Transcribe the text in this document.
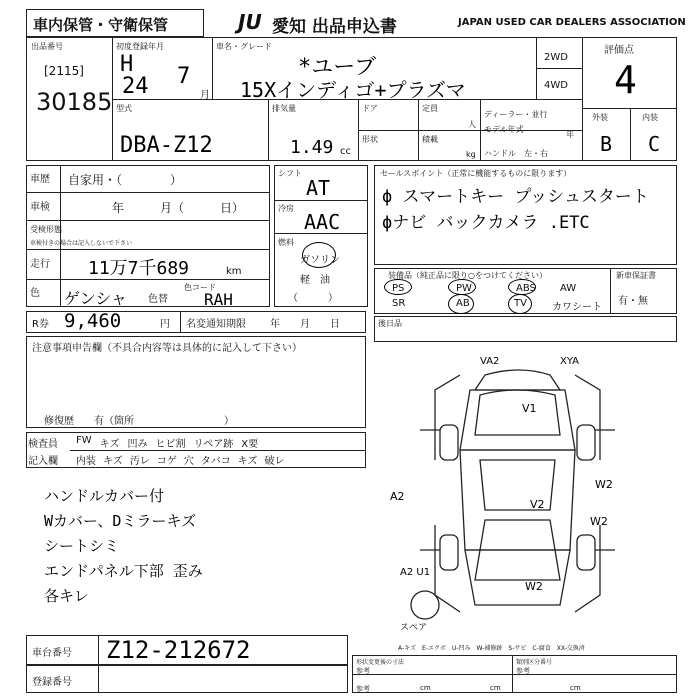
車内保管・守衛保管	JU 愛知 出品申込書	JAPAN USED CAR DEALERS ASSOCIATION
出品番号
[2115]
30185
初度登録年月
H
24 7
月
車名・グレード
*ユーブ
15Xインディゴ+プラズマ
2WD
4WD
評価点
4
型式
DBA-Z12
排気量
1.49 cc
ドア
形状
定員
人
積載
kg
ディーラー・並行
モデル年式
年
ハンドル　左・右
外装	内装
B C
車歴 自家用・（　　　　）
車検	年　　　月（　　　日）
受検形態
車検付きの場合は記入しないで下さい
走行 11万7千689	km
色 ゲンシャ 色替
色コード
RAH
シフト
AT
冷房
AAC
燃料
ガソリン
軽　油
（　　　）
セールスポイント（正常に機能するものに限ります）
ϕ スマートキー プッシュスタート
ϕナビ バックカメラ .ETC
装備品（純正品に限り○をつけてください）
PS	PW	ABS AW
SR	AB	TV	カワシート
新車保証書
有・無
R券 9,460	円 名変通知期限 年　　月　　日	後日品
注意事項申告欄（不具合内容等は具体的に記入して下さい）
修復歴　　有（箇所　　　　　　　　　）
検査員
記入欄
FW キズ 凹み ヒビ割 リペア跡 X要
内装 キズ 汚レ コゲ 穴 タバコ キズ 破レ
ハンドルカバー付
Wカバー、Dミラーキズ
シートシミ
エンドパネル下部 歪み
各キレ
VA2	XYA
V1
V2
A2
W2
W2
W2
A2 U1
スペア
A-キズ　E-エクボ　U-凹み　W-補修跡　S-サビ　C-腐食　XX-交換済
車台番号 Z12-212672
登録番号
形状変更後の寸法	類別区分番号
参考	参考
参考	cm	cm	cm
